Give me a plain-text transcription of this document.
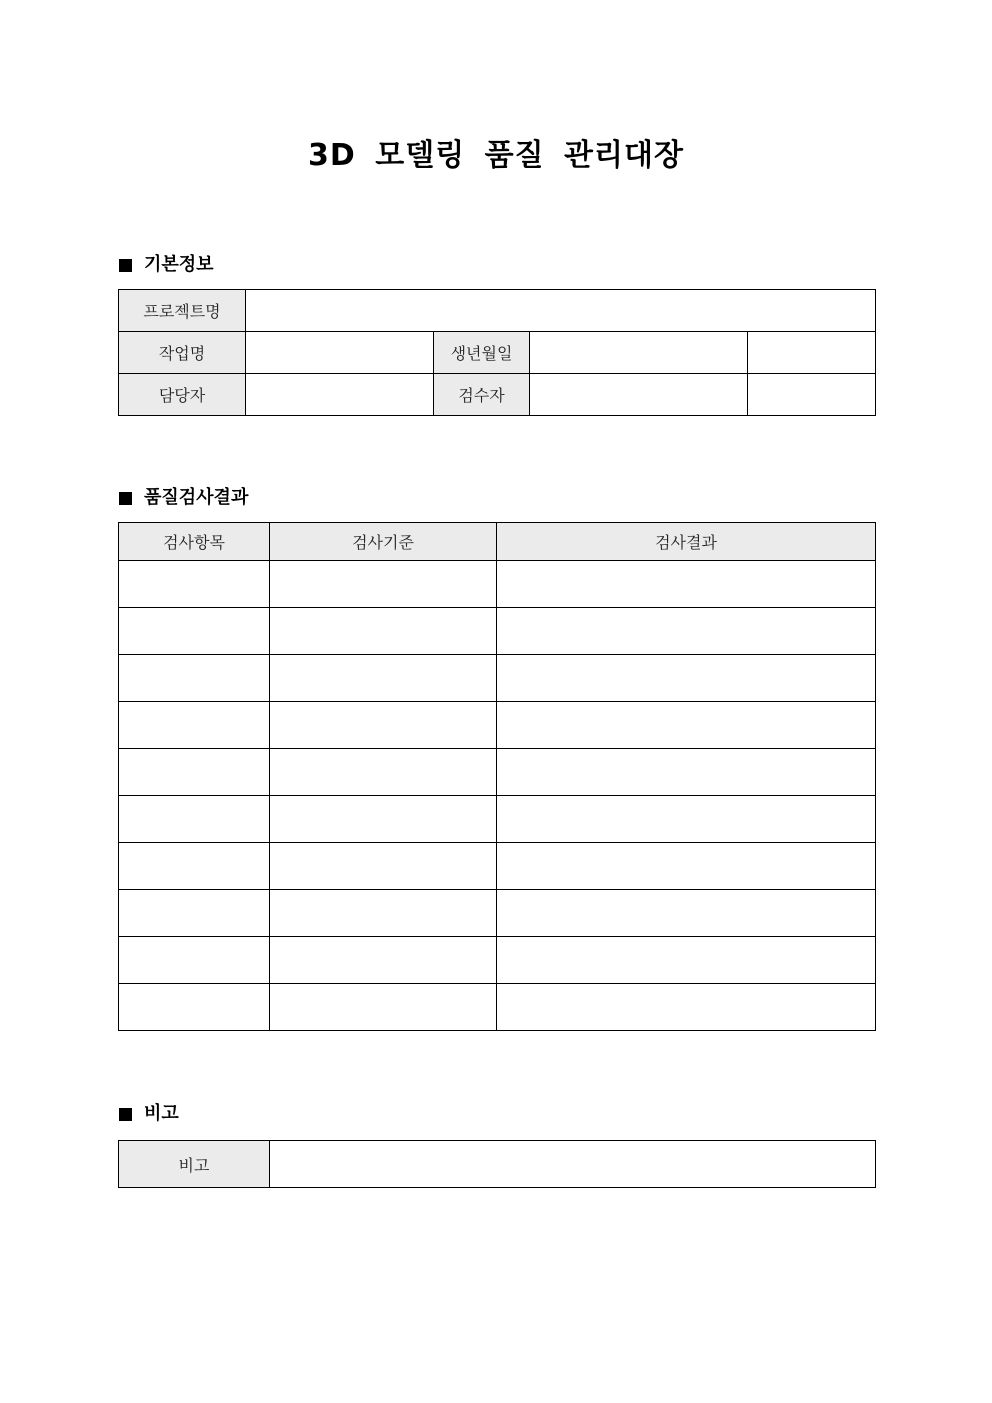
3D 모델링 품질 관리대장
기본정보
프로젝트명				
작업명		생년월일		
담당자		검수자		
품질검사결과
검사항목	검사기준	검사결과

비고
비고	
